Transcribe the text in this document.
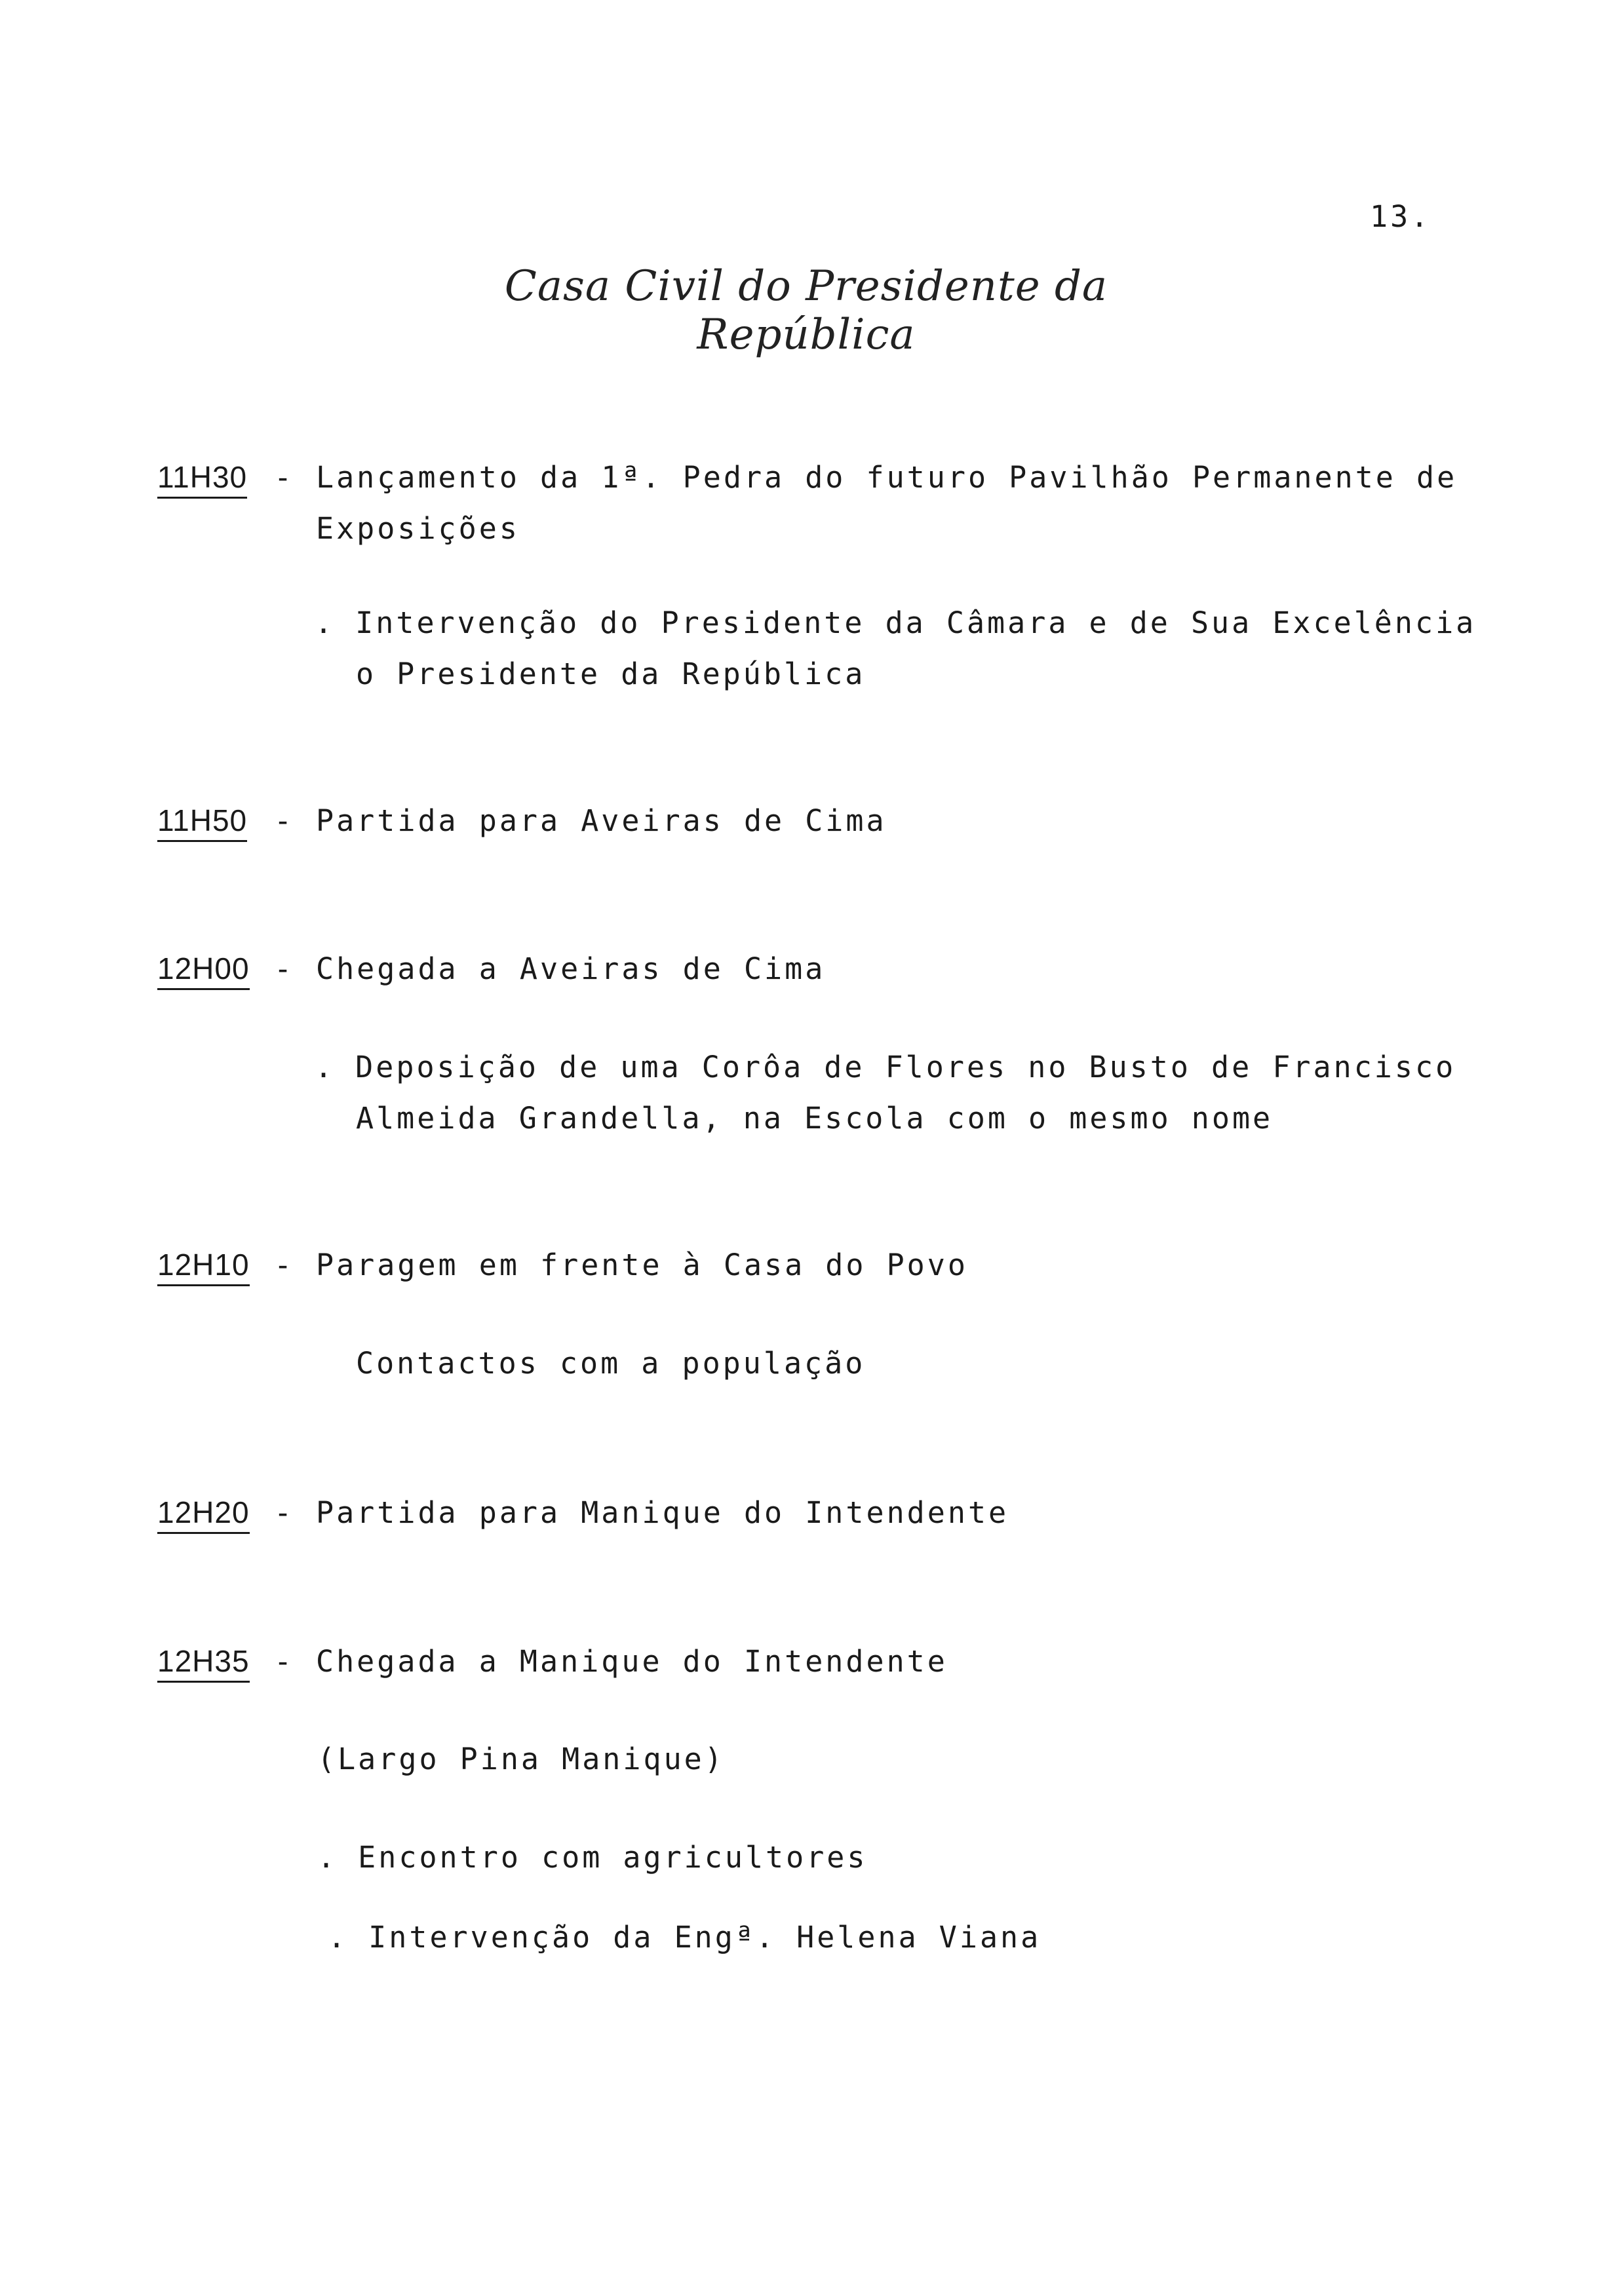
13.
Casa Civil do Presidente da República
11H30 - Lançamento da 1ª. Pedra do futuro Pavilhão Permanente de
Exposições
. Intervenção do Presidente da Câmara e de Sua Excelência
o Presidente da República
11H50 - Partida para Aveiras de Cima
12H00 - Chegada a Aveiras de Cima
. Deposição de uma Corôa de Flores no Busto de Francisco
Almeida Grandella, na Escola com o mesmo nome
12H10 - Paragem em frente à Casa do Povo
Contactos com a população
12H20 - Partida para Manique do Intendente
12H35 - Chegada a Manique do Intendente
(Largo Pina Manique)
. Encontro com agricultores
. Intervenção da Engª. Helena Viana
